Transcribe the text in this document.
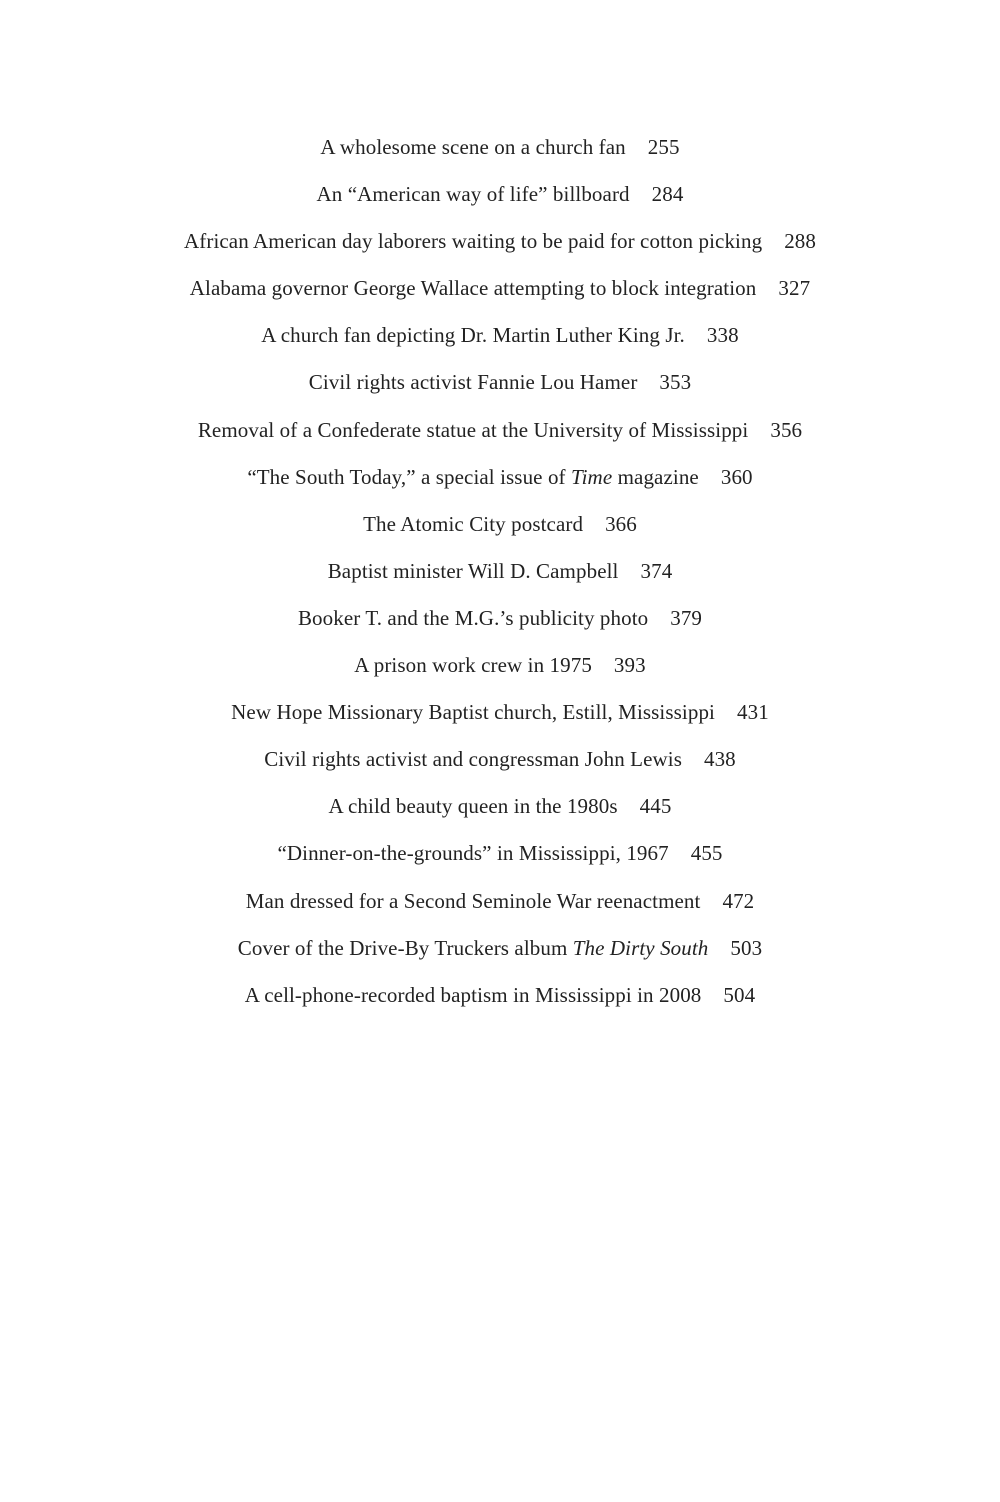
A wholesome scene on a church fan 255
An “American way of life” billboard 284
African American day laborers waiting to be paid for cotton picking 288
Alabama governor George Wallace attempting to block integration 327
A church fan depicting Dr. Martin Luther King Jr. 338
Civil rights activist Fannie Lou Hamer 353
Removal of a Confederate statue at the University of Mississippi 356
“The South Today,” a special issue of Time magazine 360
The Atomic City postcard 366
Baptist minister Will D. Campbell 374
Booker T. and the M.G.’s publicity photo 379
A prison work crew in 1975 393
New Hope Missionary Baptist church, Estill, Mississippi 431
Civil rights activist and congressman John Lewis 438
A child beauty queen in the 1980s 445
“Dinner-on-the-grounds” in Mississippi, 1967 455
Man dressed for a Second Seminole War reenactment 472
Cover of the Drive-By Truckers album The Dirty South 503
A cell-phone-recorded baptism in Mississippi in 2008 504
